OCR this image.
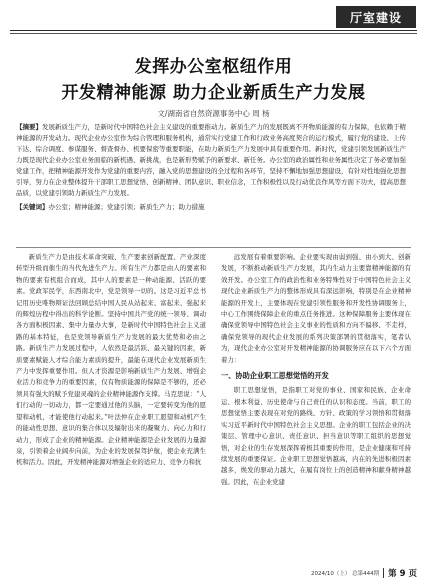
厅室建设
发挥办公室枢纽作用
开发精神能源 助力企业新质生产力发展
文/湖南省自然资源事务中心 周 杨
【摘要】发展新质生产力，是新时代中国特色社会主义建设的重要推动力。新质生产力的发展既离不开物质能源的有力保障，也依赖于精神能源的开发动力。现代企业办公室作为综合管理和服务机构，通常实行党建工作和行政业务高度契合的运行模式，履行党的建设、上传下达、综合调度、参谋服务、督查督办、机要保密等重要职能，在助力新质生产力发展中具有重要作用。新时代，党建引领发展新质生产力既是现代企业办公室业务面临的新机遇、新挑战，也是新形势赋予的新要求、新任务。办公室的政治属性和业务属性决定了务必要加强党建工作，把精神能源开发作为党建的重要内容，融入党的思想建设的全过程和各环节，坚持不懈地加强思想建设，有针对性地强化思想引导，努力在企业整体提升干部职工思想觉悟、创新精神、团队意识、职业信念，工作积极性以及行动优良作风等方面下功夫，提高思想品质，以党建引领助力新质生产力发展。
【关键词】办公室；精神能源；党建引领；新质生产力；助力措施

新质生产力是由技术革命突破、生产要素创新配置、产业深度转型升级而催生的当代先进生产力。所有生产力都是由人的要素和物的要素有机组合而成，其中人的要素是一种动能源、活跃的要素。党政军民学，东西南北中，党是领导一切的。这是习近平总书记用历史唯物辩证法回顾总结中国人民从站起来、富起来、强起来的辉煌历程中得出的科学论断。坚持中国共产党的统一领导、调动各方面积极因素、集中力量办大事，是新时代中国特色社会主义道路的基本特征，也是党领导新质生产力发展的最大优势和必由之路。新质生产力发展过程中，人依然是最活跃、最关键的因素，新质要素赋能人才综合能力素质的提升，最能在现代企业发展新质生产力中发挥重要作用。但人才资源是影响新质生产力发展、增强企业活力和竞争力的重要因素，仅有物质能源的保障是不够的，还必须具有强大的赋予党建灵魂的企业精神能源作支撑。马克思说：“人们行动的一切动力，都一定要通过他的头脑，一定要转变为他的愿望和动机，才能使他行动起来。”叶法仲在企业职工愿望和动机产生的能动性思想、意识的集合体以及辐射出来的凝聚力、向心力和行动力，形成了企业的精神能源。企业精神能源是企业发展的力量源泉，引领着企业阔步向前，为企业的发展保驾护航，使企业充满生机和活力。因此，开发精神能源对增强企业的适应力、竞争力和抗

远发展有着重要影响。企业要实现由弱到强、由小到大、创新发展，不断推动新质生产力发展，其内生动力主要靠精神能源的有效开发。办公室工作的政治性和业务特殊性对于中国特色社会主义现代企业新质生产力的整体形成具有深远影响，特别是在企业精神能源的开发上，主要体现在党建引领性服务和开发性协调服务上，中心工作围绕保障企业的重点任务推进。这种保障服务主要体现在确保党领导中国特色社会主义事业的性质和方向不偏移、不走样，确保党领导的现代企业发展的系列决策部署的贯彻落实，笔者认为，现代企业办公室对开发精神能源的协调服务应在以下六个方面着力：

一、协助企业职工思想觉悟的开发

职工思想觉悟，是指职工对党的事业、国家和民族、企业命运、根本利益、历史使命与自己责任的认识和态度。当前，职工的思想觉悟主要表现在对党的路线、方针、政策的学习领悟和贯彻落实习近平新时代中国特色社会主义思想。企业的职工包括企业的决策层、管理中心意识、责任意识、担当意识等职工组织的思想觉悟，对企业的生存发展深挥着极其重要的作用，是企业健康和可持续发展的重要保证。企业职工思想觉悟越高，内在的先进积极因素越多，焕发的驱动力越大，在履有岗位上的创造精神和献身精神越强。因此，在企业党建

2024/10（上） 总第444期 第 9 页
